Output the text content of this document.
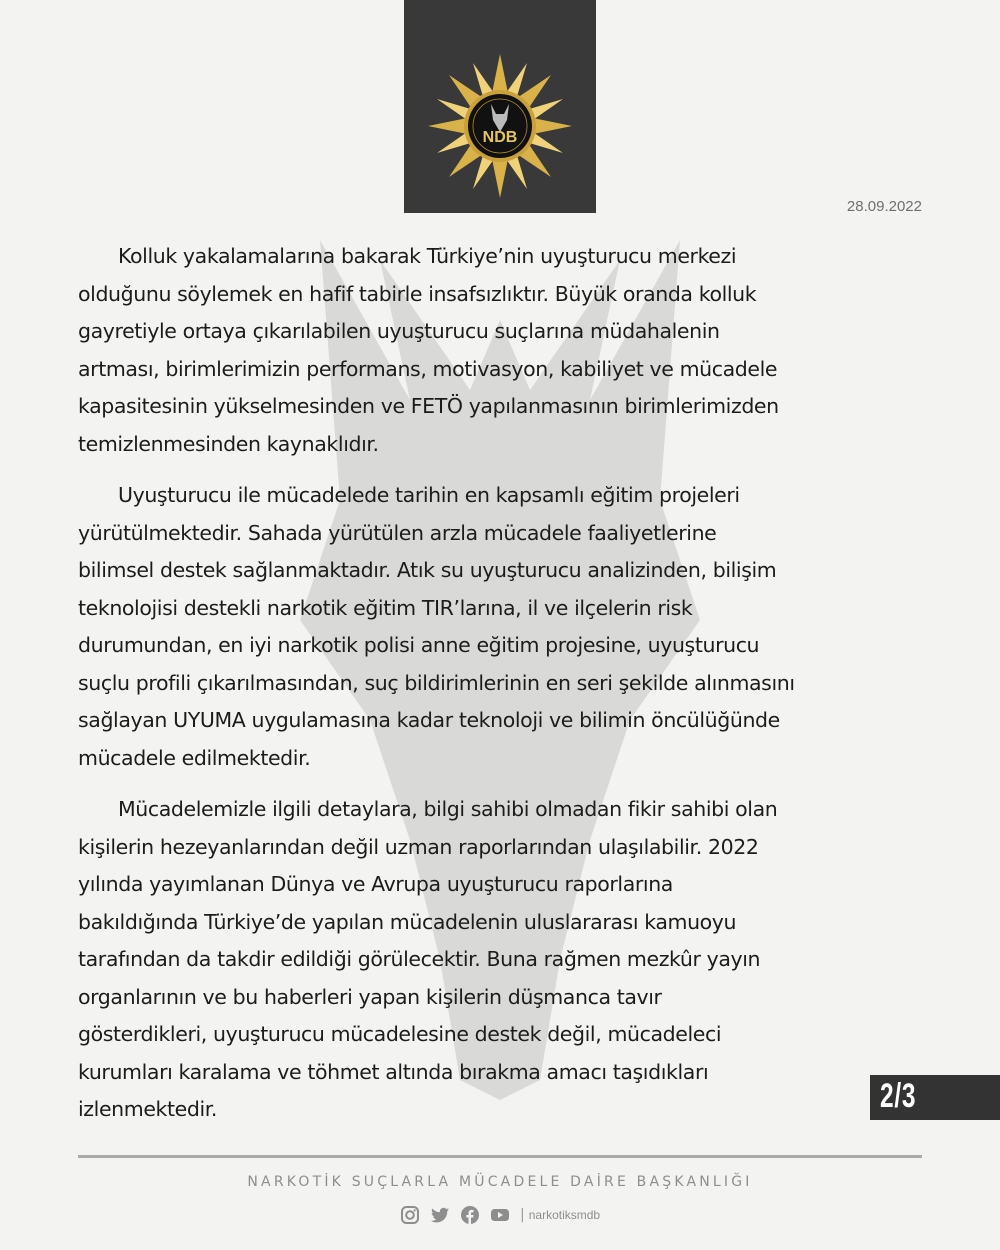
NDB
28.09.2022
Kolluk yakalamalarına bakarak Türkiye’nin uyuşturucu merkezi
olduğunu söylemek en hafif tabirle insafsızlıktır. Büyük oranda kolluk
gayretiyle ortaya çıkarılabilen uyuşturucu suçlarına müdahalenin
artması, birimlerimizin performans, motivasyon, kabiliyet ve mücadele
kapasitesinin yükselmesinden ve FETÖ yapılanmasının birimlerimizden
temizlenmesinden kaynaklıdır.
Uyuşturucu ile mücadelede tarihin en kapsamlı eğitim projeleri
yürütülmektedir. Sahada yürütülen arzla mücadele faaliyetlerine
bilimsel destek sağlanmaktadır. Atık su uyuşturucu analizinden, bilişim
teknolojisi destekli narkotik eğitim TIR’larına, il ve ilçelerin risk
durumundan, en iyi narkotik polisi anne eğitim projesine, uyuşturucu
suçlu profili çıkarılmasından, suç bildirimlerinin en seri şekilde alınmasını
sağlayan UYUMA uygulamasına kadar teknoloji ve bilimin öncülüğünde
mücadele edilmektedir.
Mücadelemizle ilgili detaylara, bilgi sahibi olmadan fikir sahibi olan
kişilerin hezeyanlarından değil uzman raporlarından ulaşılabilir. 2022
yılında yayımlanan Dünya ve Avrupa uyuşturucu raporlarına
bakıldığında Türkiye’de yapılan mücadelenin uluslararası kamuoyu
tarafından da takdir edildiği görülecektir. Buna rağmen mezkûr yayın
organlarının ve bu haberleri yapan kişilerin düşmanca tavır
gösterdikleri, uyuşturucu mücadelesine destek değil, mücadeleci
kurumları karalama ve töhmet altında bırakma amacı taşıdıkları
izlenmektedir.	2/3
NARKOTİK SUÇLARLA MÜCADELE DAİRE BAŞKANLIĞI
| narkotiksmdb
